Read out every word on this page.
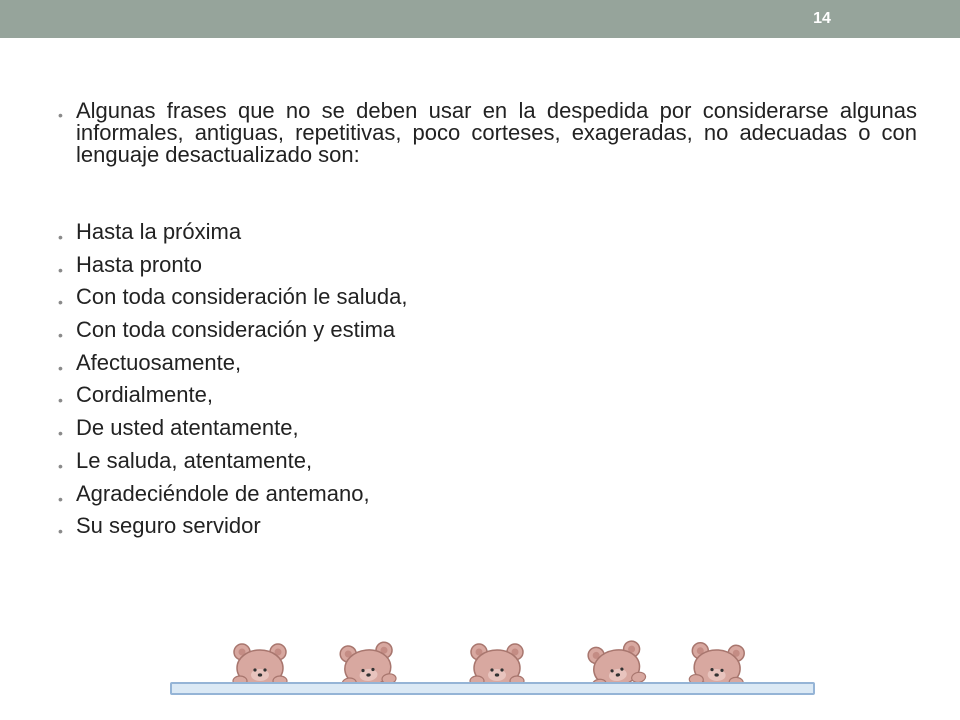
14
• Algunas frases que no se deben usar en la despedida por considerarse algunas informales, antiguas, repetitivas, poco corteses, exageradas, no adecuadas o con lenguaje desactualizado son:
• Hasta la próxima
• Hasta pronto
• Con toda consideración le saluda,
• Con toda consideración y estima
• Afectuosamente,
• Cordialmente,
• De usted atentamente,
• Le saluda, atentamente,
• Agradeciéndole de antemano,
• Su seguro servidor
